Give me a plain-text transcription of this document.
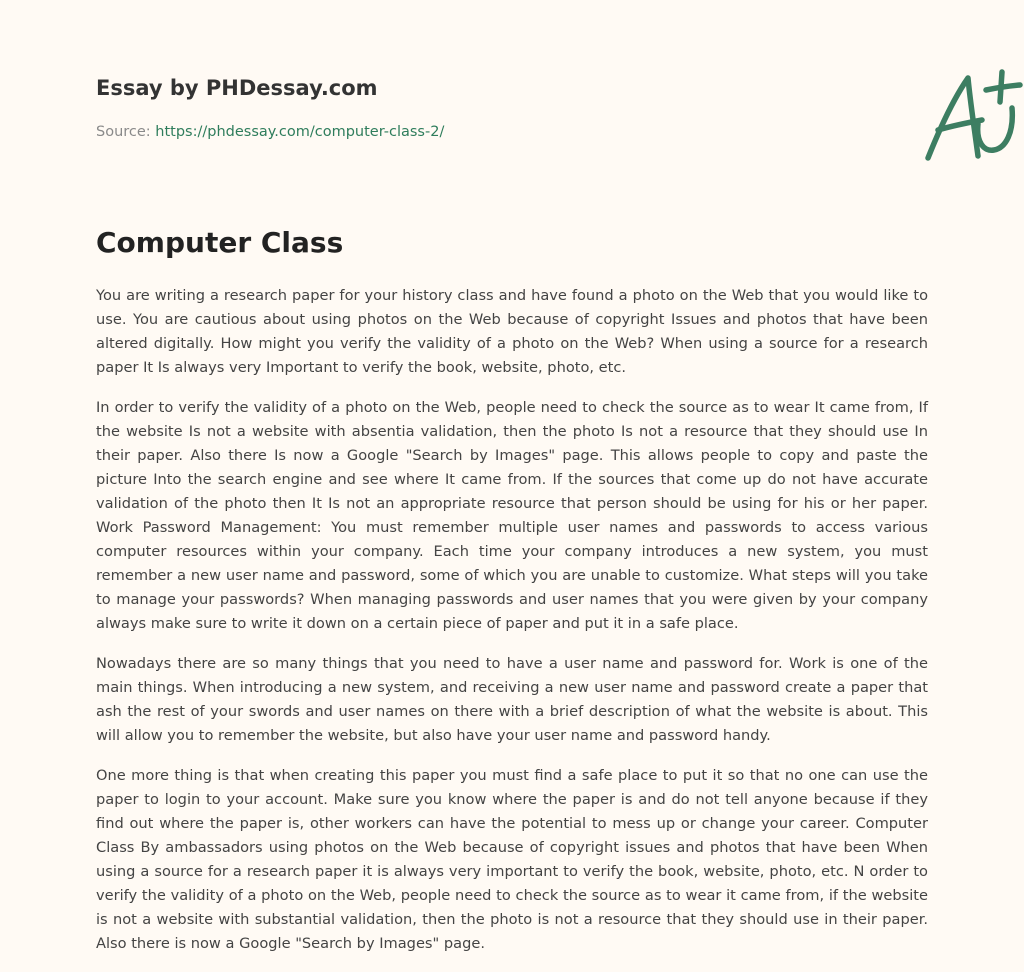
Essay by PHDessay.com
Source: https://phdessay.com/computer-class-2/
Computer Class

You are writing a research paper for your history class and have found a photo on the Web that you would like to use. You are cautious about using photos on the Web because of copyright Issues and photos that have been altered digitally. How might you verify the validity of a photo on the Web? When using a source for a research paper It Is always very Important to verify the book, website, photo, etc.

In order to verify the validity of a photo on the Web, people need to check the source as to wear It came from, If the website Is not a website with absentia validation, then the photo Is not a resource that they should use In their paper. Also there Is now a Google "Search by Images" page. This allows people to copy and paste the picture Into the search engine and see where It came from. If the sources that come up do not have accurate validation of the photo then It Is not an appropriate resource that person should be using for his or her paper. Work Password Management: You must remember multiple user names and passwords to access various computer resources within your company. Each time your company introduces a new system, you must remember a new user name and password, some of which you are unable to customize. What steps will you take to manage your passwords? When managing passwords and user names that you were given by your company always make sure to write it down on a certain piece of paper and put it in a safe place.

Nowadays there are so many things that you need to have a user name and password for. Work is one of the main things. When introducing a new system, and receiving a new user name and password create a paper that ash the rest of your swords and user names on there with a brief description of what the website is about. This will allow you to remember the website, but also have your user name and password handy.

One more thing is that when creating this paper you must find a safe place to put it so that no one can use the paper to login to your account. Make sure you know where the paper is and do not tell anyone because if they find out where the paper is, other workers can have the potential to mess up or change your career. Computer Class By ambassadors using photos on the Web because of copyright issues and photos that have been When using a source for a research paper it is always very important to verify the book, website, photo, etc. N order to verify the validity of a photo on the Web, people need to check the source as to wear it came from, if the website is not a website with substantial validation, then the photo is not a resource that they should use in their paper. Also there is now a Google "Search by Images" page.
